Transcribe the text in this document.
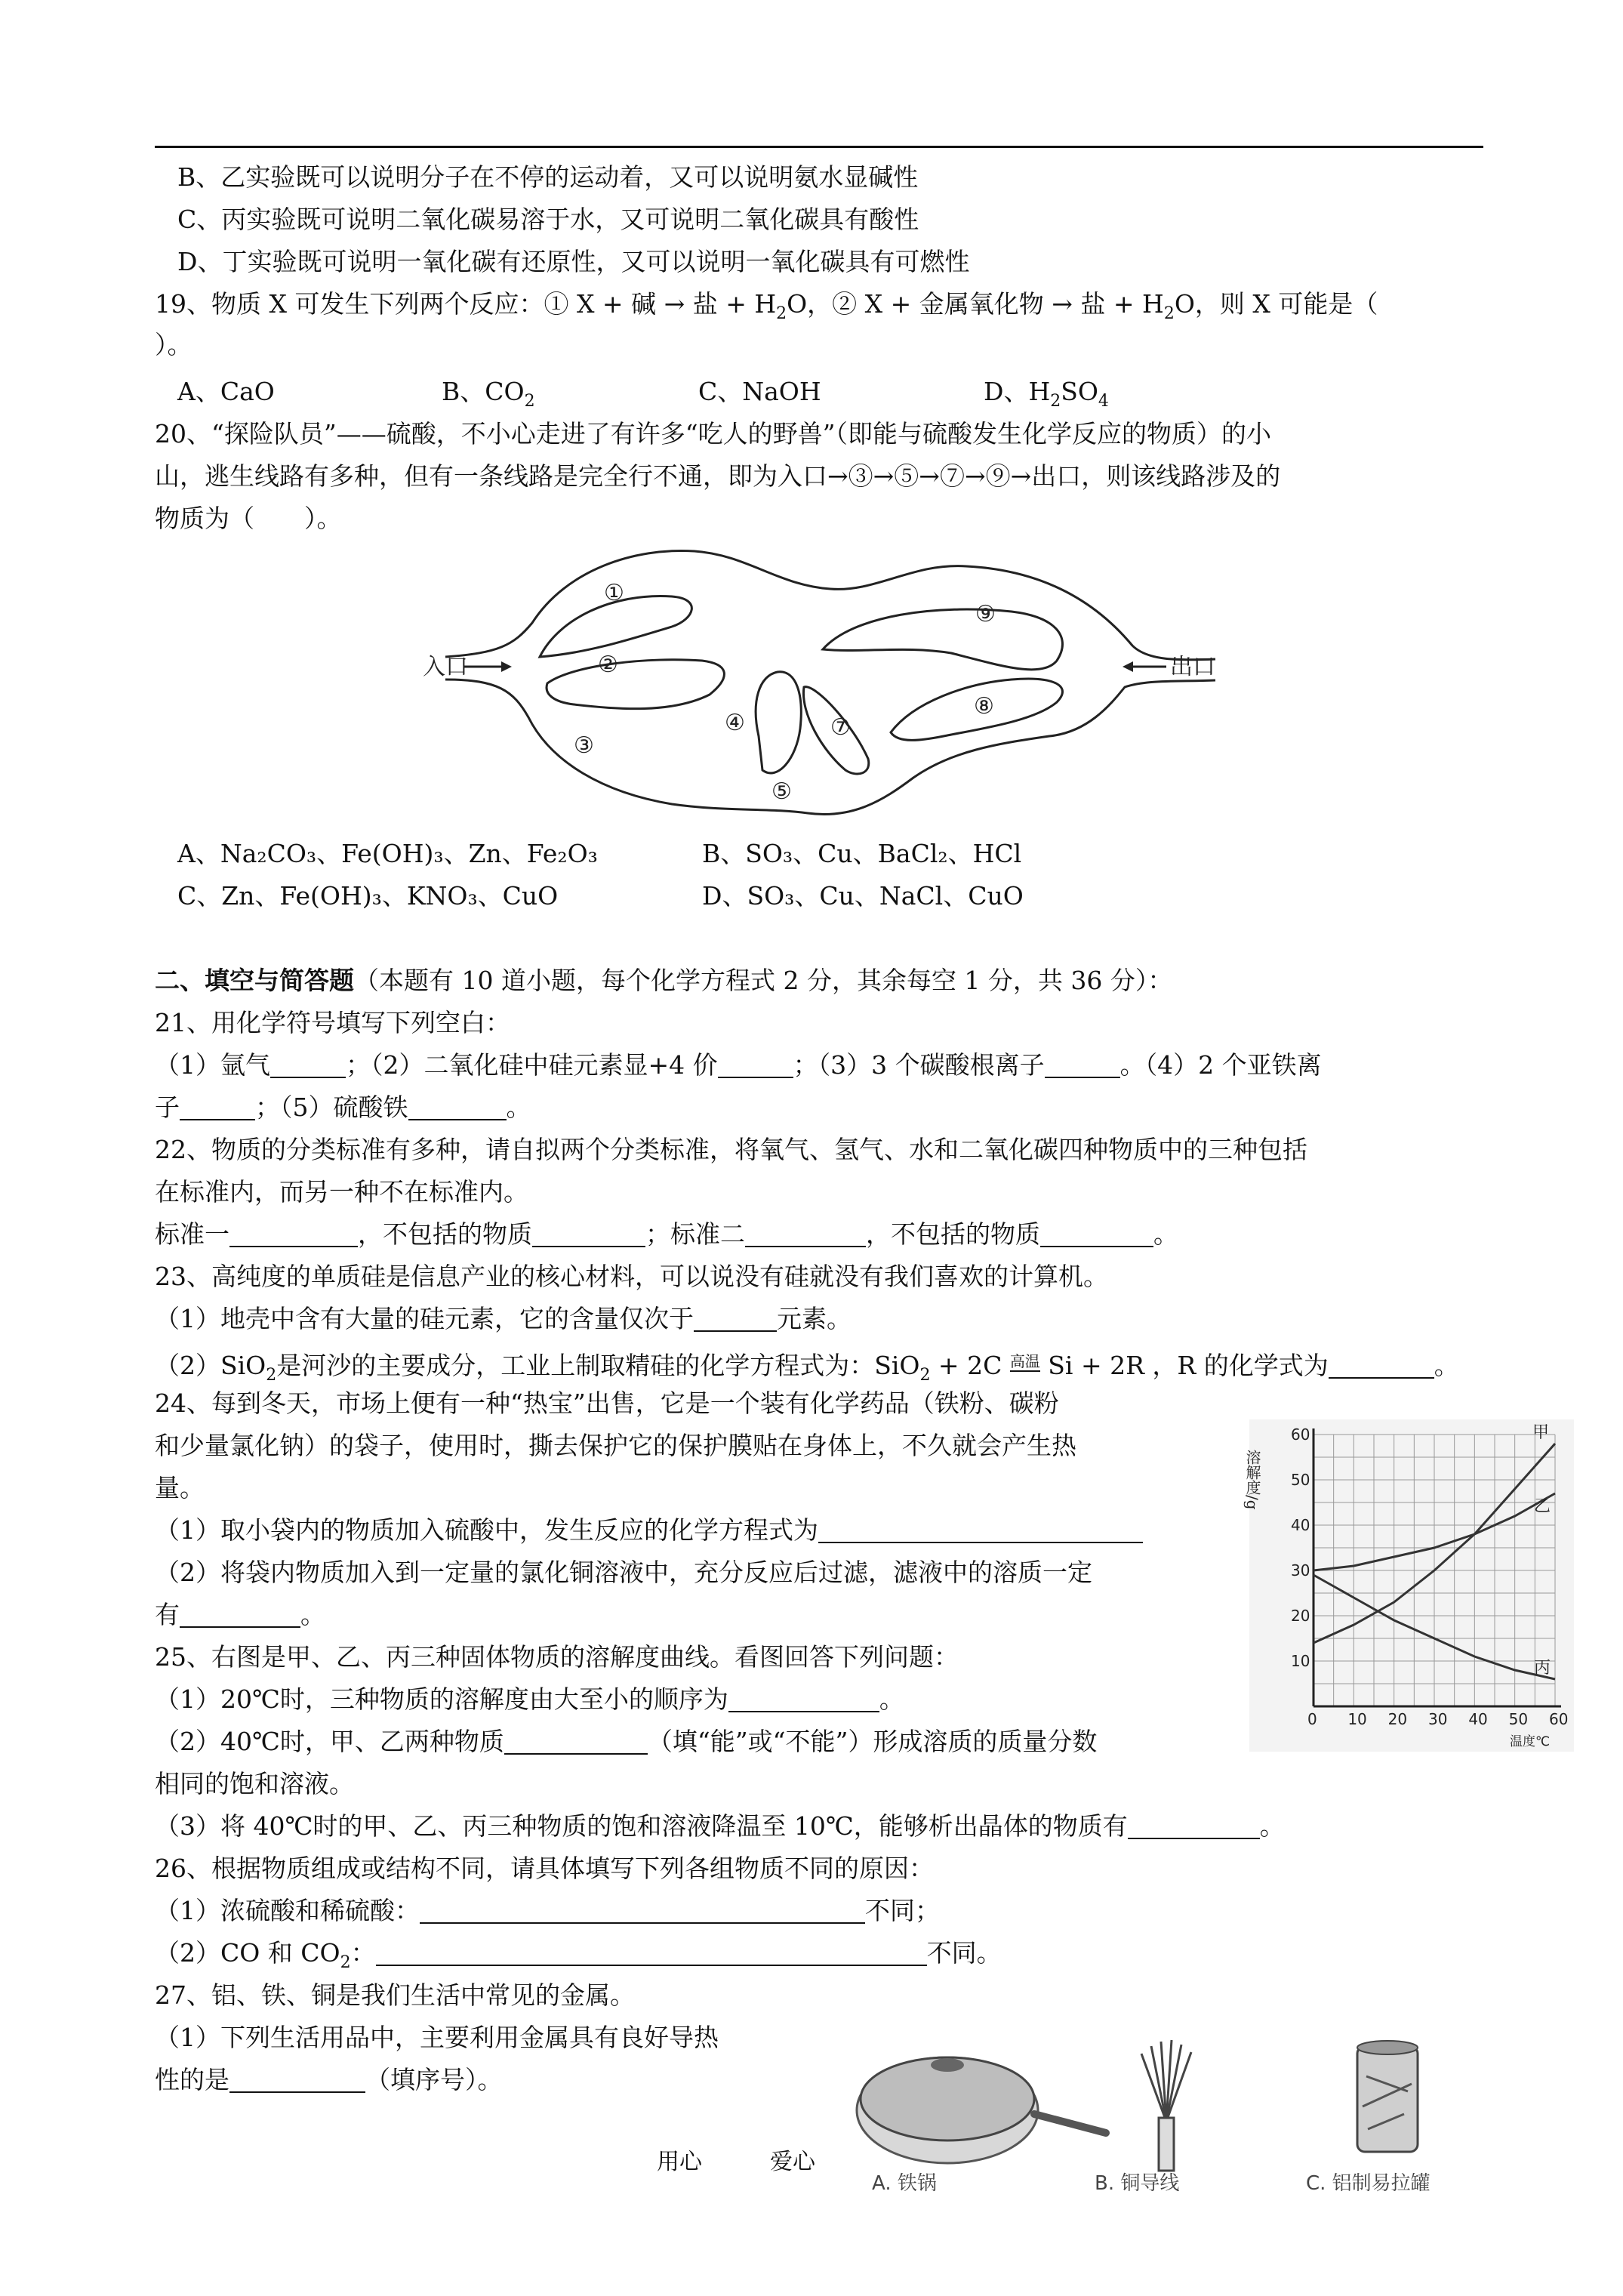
B、乙实验既可以说明分子在不停的运动着，又可以说明氨水显碱性
C、丙实验既可说明二氧化碳易溶于水，又可说明二氧化碳具有酸性
D、丁实验既可说明一氧化碳有还原性，又可以说明一氧化碳具有可燃性
19、物质 X 可发生下列两个反应：① X + 碱 → 盐 + $H_2O$，② X + 金属氧化物 → 盐 + $H_2O$，则 X 可能是（
）。
A、CaO	B、$CO_2$	C、NaOH	D、$H_2SO_4$
20、“探险队员”——硫酸，不小心走进了有许多“吃人的野兽”（即能与硫酸发生化学反应的物质）的小
山，逃生线路有多种，但有一条线路是完全行不通，即为入口→③→⑤→⑦→⑨→出口，则该线路涉及的
物质为（　　）。
入口	出口
①
②
③
④
⑤
⑦
⑧
⑨
A、Na₂CO₃、Fe(OH)₃、Zn、Fe₂O₃	B、SO₃、Cu、BaCl₂、HCl
C、Zn、Fe(OH)₃、KNO₃、CuO	D、SO₃、Cu、NaCl、CuO
二、填空与简答题（本题有 10 道小题，每个化学方程式 2 分，其余每空 1 分，共 36 分）：
21、用化学符号填写下列空白：
（1）氩气	；（2）二氧化硅中硅元素显+4 价	；（3）3 个碳酸根离子	。（4）2 个亚铁离
子	；（5）硫酸铁	。
22、物质的分类标准有多种，请自拟两个分类标准，将氧气、氢气、水和二氧化碳四种物质中的三种包括
在标准内，而另一种不在标准内。
标准一	，不包括的物质	；标准二	，不包括的物质	。
23、高纯度的单质硅是信息产业的核心材料，可以说没有硅就没有我们喜欢的计算机。
（1）地壳中含有大量的硅元素，它的含量仅次于	元素。
（2）SiO$_2$是河沙的主要成分，工业上制取精硅的化学方程式为：SiO$_2$ + 2C $^{高温}$ Si + 2R ，R 的化学式为	。
24、每到冬天，市场上便有一种“热宝”出售，它是一个装有化学药品（铁粉、碳粉
和少量氯化钠）的袋子，使用时，撕去保护它的保护膜贴在身体上，不久就会产生热
量。
（1）取小袋内的物质加入硫酸中，发生反应的化学方程式为
（2）将袋内物质加入到一定量的氯化铜溶液中，充分反应后过滤，滤液中的溶质一定
有	。
0 10 20 30 40 50 60
10
20
30
40
50
60	甲
乙
丙
溶解度/g
温度℃
25、右图是甲、乙、丙三种固体物质的溶解度曲线。看图回答下列问题：
（1）20℃时，三种物质的溶解度由大至小的顺序为	。
（2）40℃时，甲、乙两种物质	（填“能”或“不能”）形成溶质的质量分数
相同的饱和溶液。
（3）将 40℃时的甲、乙、丙三种物质的饱和溶液降温至 10℃，能够析出晶体的物质有	。
26、根据物质组成或结构不同，请具体填写下列各组物质不同的原因：
（1）浓硫酸和稀硫酸：	不同；
（2）CO 和 $CO_2$：	不同。
27、铝、铁、铜是我们生活中常见的金属。
（1）下列生活用品中，主要利用金属具有良好导热
性的是	（填序号）。
A. 铁锅	B. 铜导线	C. 铝制易拉罐
用心	爱心
